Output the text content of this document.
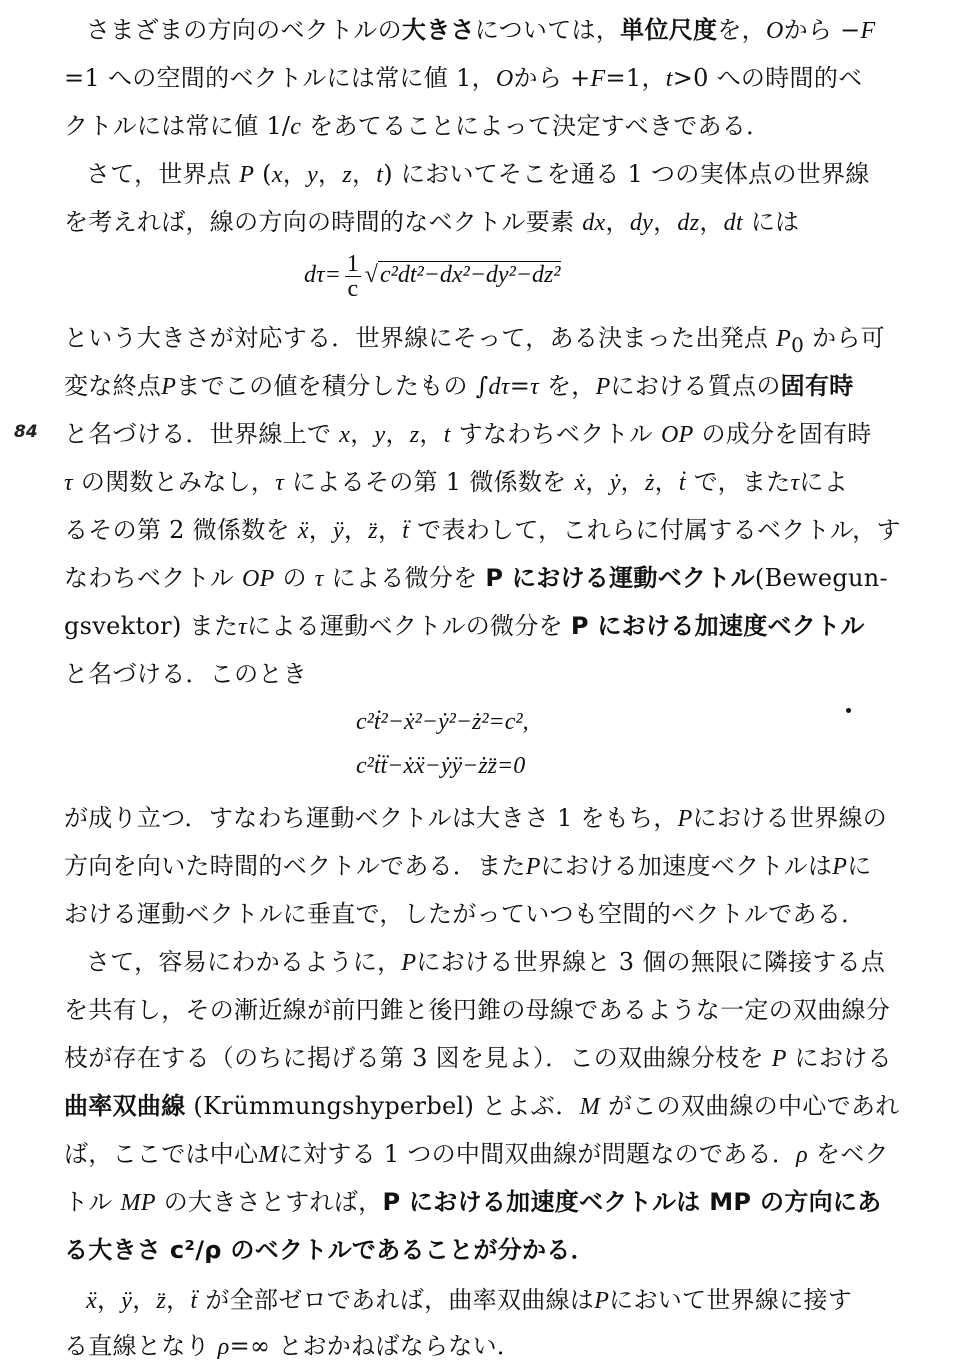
さまざまの方向のベクトルの大きさについては，単位尺度を，Oから −F
=1 への空間的ベクトルには常に値 1，Oから +F=1，t>0 への時間的ベ
クトルには常に値 1/c をあてることによって決定すべきである．
さて，世界点 P (x，y，z，t) においてそこを通る 1 つの実体点の世界線
を考えれば，線の方向の時間的なベクトル要素 dx，dy，dz，dt には
$d\tau= \frac{1}{c} √c^2dt^2-dx^2-dy^2-dz^2$
という大きさが対応する．世界線にそって，ある決まった出発点 $P_0$ から可
変な終点Pまでこの値を積分したもの ∫dτ=τ を，Pにおける質点の固有時
84 と名づける．世界線上で x，y，z，t すなわちベクトル OP の成分を固有時
τ の関数とみなし，τ によるその第 1 微係数を ẋ，ẏ，ż，ṫ で，またτによ
るその第 2 微係数を ẍ，ÿ，z̈，ẗ で表わして，これらに付属するベクトル，す
なわちベクトル OP の τ による微分を P における運動ベクトル(Bewegun-
gsvektor) またτによる運動ベクトルの微分を P における加速度ベクトル
と名づける．このとき
c²ṫ²−ẋ²−ẏ²−ż²=c²,
c²ṫẗ−ẋẍ−ẏÿ−żz̈=0
が成り立つ．すなわち運動ベクトルは大きさ 1 をもち，Pにおける世界線の
方向を向いた時間的ベクトルである．またPにおける加速度ベクトルはPに
おける運動ベクトルに垂直で，したがっていつも空間的ベクトルである．
さて，容易にわかるように，Pにおける世界線と 3 個の無限に隣接する点
を共有し，その漸近線が前円錐と後円錐の母線であるような一定の双曲線分
枝が存在する（のちに掲げる第 3 図を見よ）．この双曲線分枝を P における
曲率双曲線 (Krümmungshyperbel) とよぶ．M がこの双曲線の中心であれ
ば，ここでは中心Mに対する 1 つの中間双曲線が問題なのである．ρ をベク
トル MP の大きさとすれば，P における加速度ベクトルは MP の方向にあ
る大きさ c²/ρ のベクトルであることが分かる．
ẍ，ÿ，z̈，ẗ が全部ゼロであれば，曲率双曲線はPにおいて世界線に接す
る直線となり ρ=∞ とおかねばならない．
